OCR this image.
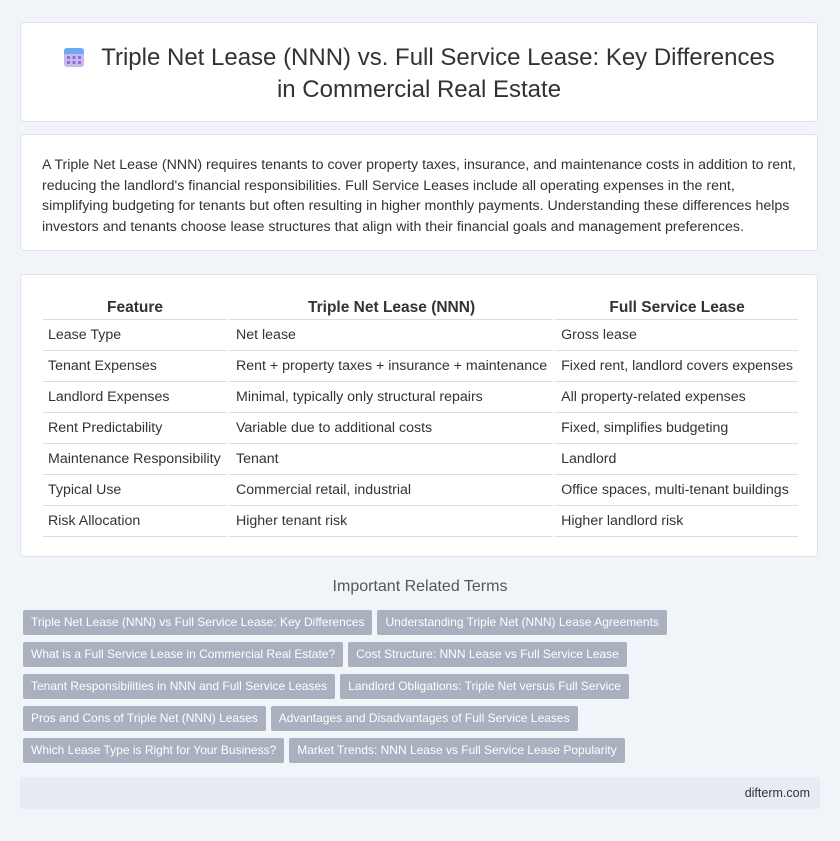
Triple Net Lease (NNN) vs. Full Service Lease: Key Differences in Commercial Real Estate

A Triple Net Lease (NNN) requires tenants to cover property taxes, insurance, and maintenance costs in addition to rent, reducing the landlord's financial responsibilities. Full Service Leases include all operating expenses in the rent, simplifying budgeting for tenants but often resulting in higher monthly payments. Understanding these differences helps investors and tenants choose lease structures that align with their financial goals and management preferences.

Feature	Triple Net Lease (NNN)	Full Service Lease
Lease Type	Net lease	Gross lease
Tenant Expenses	Rent + property taxes + insurance + maintenance	Fixed rent, landlord covers expenses
Landlord Expenses	Minimal, typically only structural repairs	All property-related expenses
Rent Predictability	Variable due to additional costs	Fixed, simplifies budgeting
Maintenance Responsibility	Tenant	Landlord
Typical Use	Commercial retail, industrial	Office spaces, multi-tenant buildings
Risk Allocation	Higher tenant risk	Higher landlord risk
Important Related Terms
Triple Net Lease (NNN) vs Full Service Lease: Key Differences Understanding Triple Net (NNN) Lease Agreements
What is a Full Service Lease in Commercial Real Estate? Cost Structure: NNN Lease vs Full Service Lease
Tenant Responsibilities in NNN and Full Service Leases Landlord Obligations: Triple Net versus Full Service
Pros and Cons of Triple Net (NNN) Leases Advantages and Disadvantages of Full Service Leases
Which Lease Type is Right for Your Business? Market Trends: NNN Lease vs Full Service Lease Popularity
difterm.com
